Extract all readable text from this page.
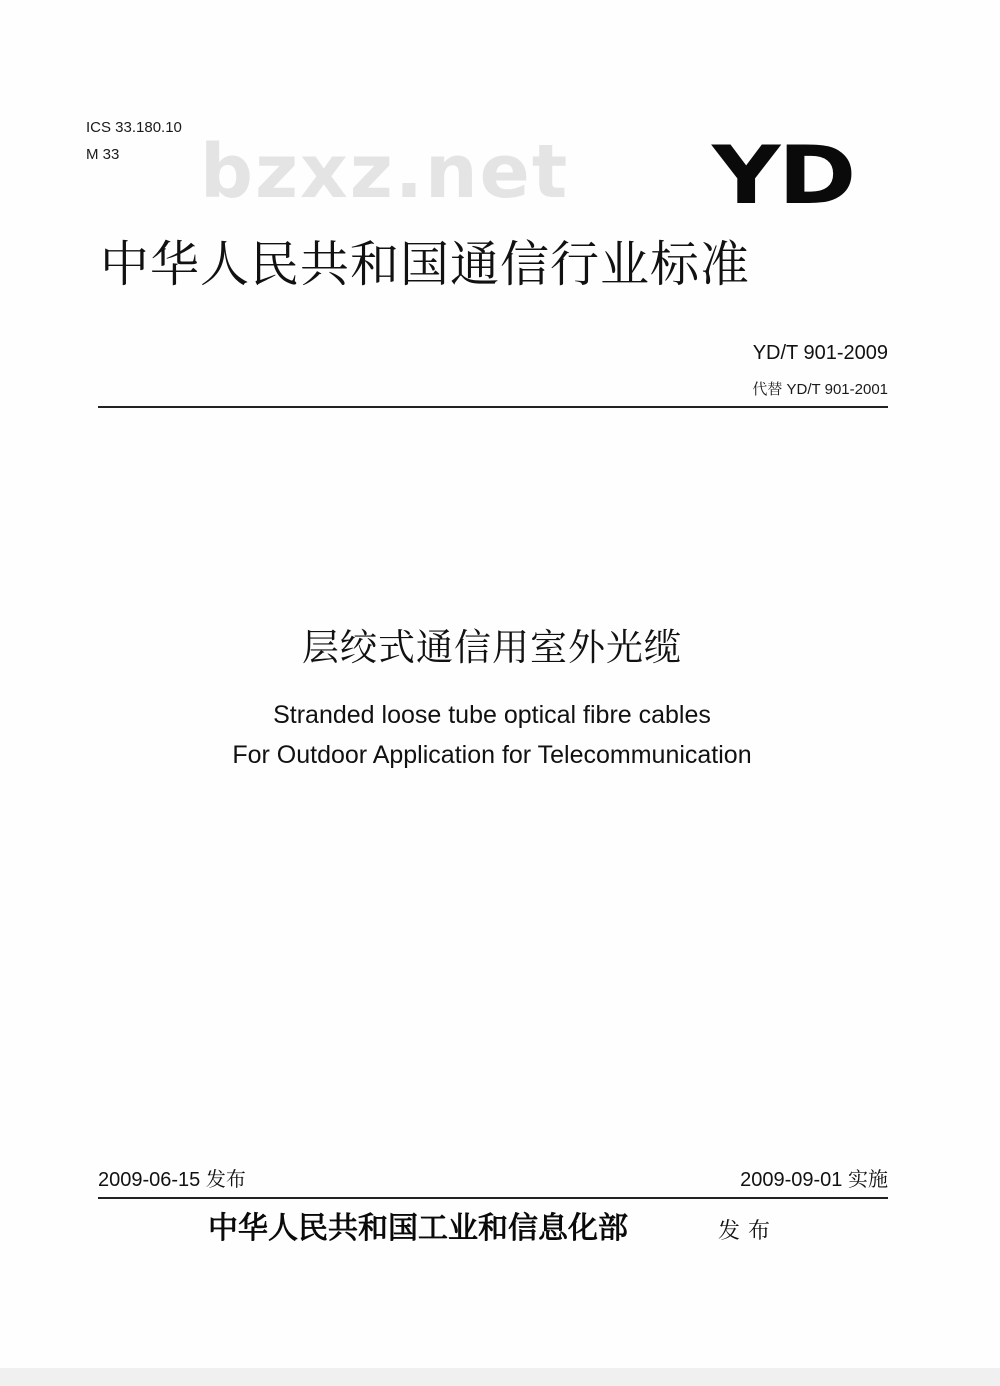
ICS 33.180.10
M 33 bzxz.net YD
中华人民共和国通信行业标准
YD/T 901-2009
代替 YD/T 901-2001
层绞式通信用室外光缆
Stranded loose tube optical fibre cables
For Outdoor Application for Telecommunication
2009-06-15 发布	2009-09-01 实施
中华人民共和国工业和信息化部	发布
